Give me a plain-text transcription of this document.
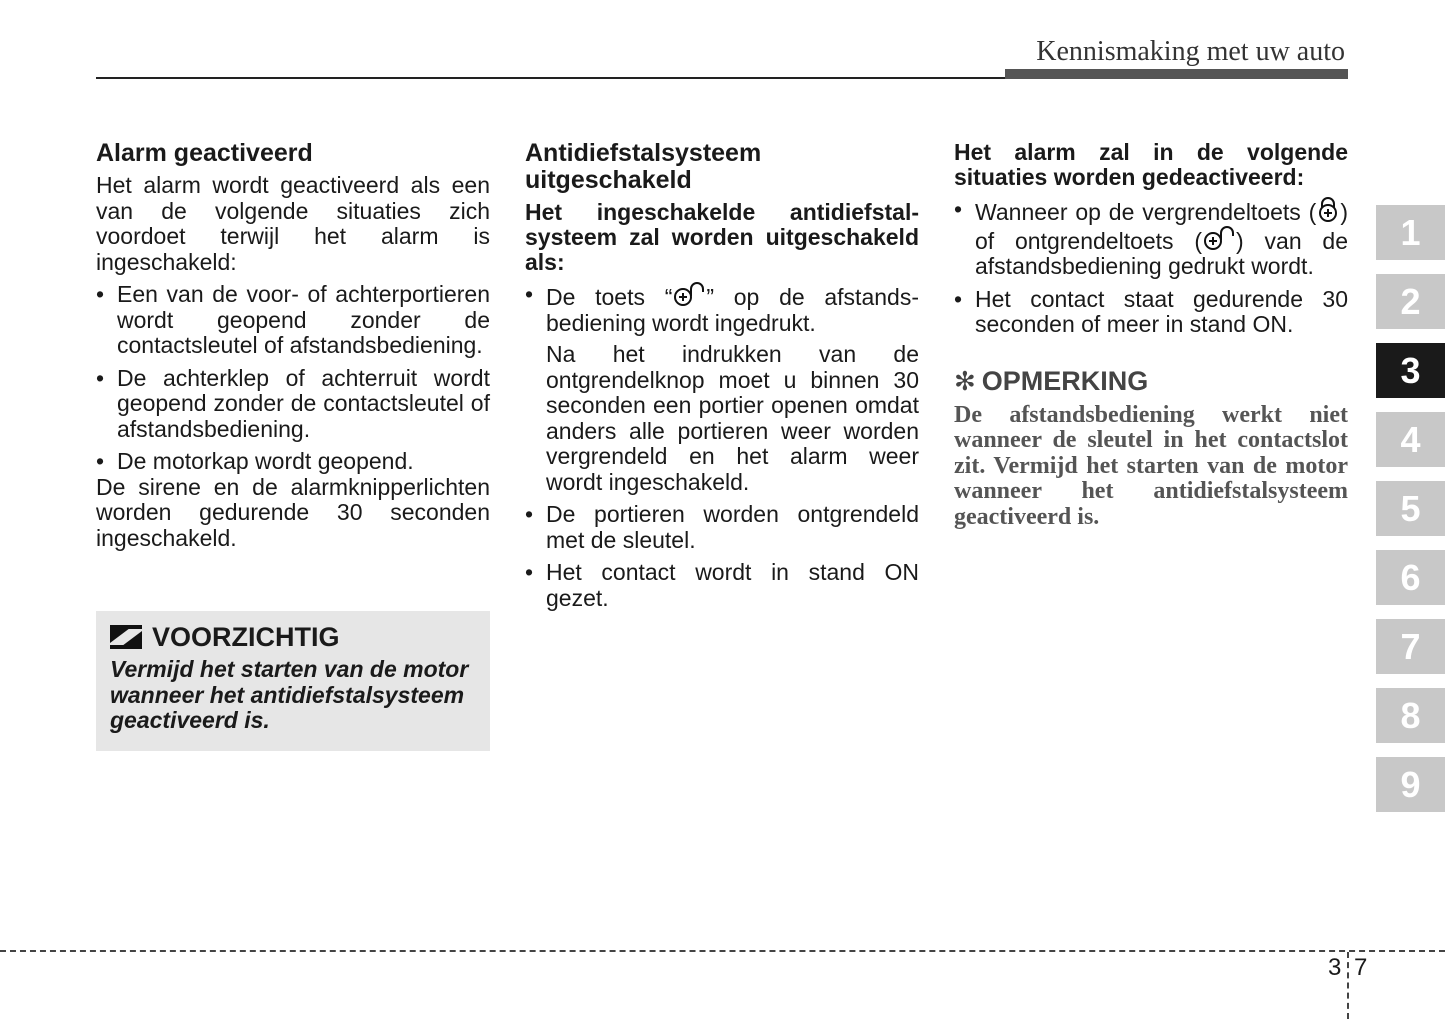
Kennismaking met uw auto
Alarm geactiveerd

Het alarm wordt geactiveerd als een van de volgende situaties zich voordoet terwijl het alarm is ingeschakeld:

• Een van de voor- of achterportieren wordt geopend zonder de contactsleutel of afstandsbediening.
• De achterklep of achterruit wordt geopend zonder de contactsleutel of afstandsbediening.
• De motorkap wordt geopend.

De sirene en de alarmknipperlichten worden gedurende 30 seconden ingeschakeld.

VOORZICHTIG
Vermijd het starten van de motor wanneer het antidiefstalsysteem geactiveerd is.
Antidiefstalsysteem uitgeschakeld
Het ingeschakelde antidiefstal-systeem zal worden uitgeschakeld als:
• De toets “ ” op de afstands-bediening wordt ingedrukt.
Na het indrukken van de ontgrendelknop moet u binnen 30 seconden een portier openen omdat anders alle portieren weer worden vergrendeld en het alarm weer wordt ingeschakeld.
• De portieren worden ontgrendeld met de sleutel.
• Het contact wordt in stand ON gezet.
Het alarm zal in de volgende situaties worden gedeactiveerd:
• Wanneer op de vergrendeltoets ( ) of ontgrendeltoets ( ) van de afstandsbediening gedrukt wordt.
• Het contact staat gedurende 30 seconden of meer in stand ON.
✻ OPMERKING
De afstandsbediening werkt niet wanneer de sleutel in het contactslot zit. Vermijd het starten van de motor wanneer het antidiefstalsysteem geactiveerd is.
1
2
3
4
5
6
7
8
9
3 7
